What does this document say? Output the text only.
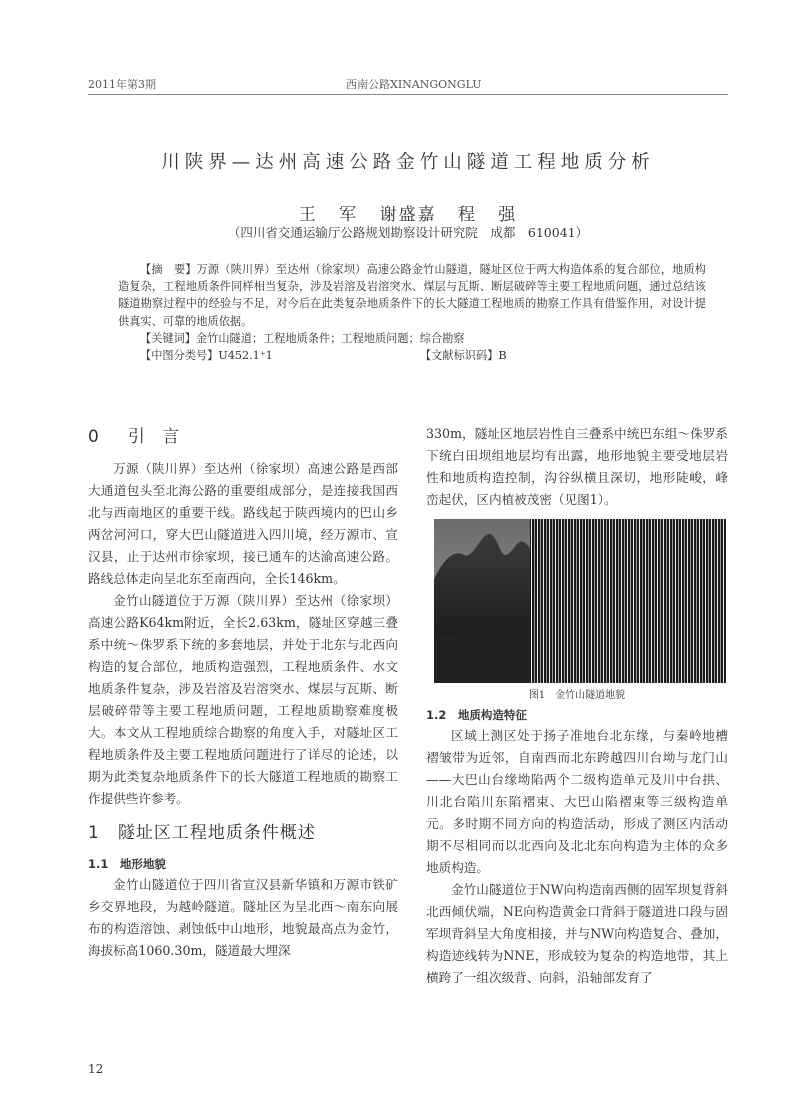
2011年第3期	西南公路XINANGONGLU
川陕界—达州高速公路金竹山隧道工程地质分析
王 军 谢盛嘉 程 强
（四川省交通运输厅公路规划勘察设计研究院　成都　610041）

【摘　要】万源（陕川界）至达州（徐家坝）高速公路金竹山隧道，隧址区位于两大构造体系的复合部位，地质构造复杂，工程地质条件同样相当复杂，涉及岩溶及岩溶突水、煤层与瓦斯、断层破碎等主要工程地质问题，通过总结该隧道勘察过程中的经验与不足，对今后在此类复杂地质条件下的长大隧道工程地质的勘察工作具有借鉴作用，对设计提供真实、可靠的地质依据。

【关键词】金竹山隧道；工程地质条件；工程地质问题；综合勘察

【中图分类号】U452.1⁺1	【文献标识码】B
0　引 言

万源（陕川界）至达州（徐家坝）高速公路是西部大通道包头至北海公路的重要组成部分，是连接我国西北与西南地区的重要干线。路线起于陕西境内的巴山乡两岔河河口，穿大巴山隧道进入四川境，经万源市、宣汉县，止于达州市徐家坝，接已通车的达渝高速公路。路线总体走向呈北东至南西向，全长146km。

金竹山隧道位于万源（陕川界）至达州（徐家坝）高速公路K64km附近，全长2.63km，隧址区穿越三叠系中统～侏罗系下统的多套地层，并处于北东与北西向构造的复合部位，地质构造强烈，工程地质条件、水文地质条件复杂，涉及岩溶及岩溶突水、煤层与瓦斯、断层破碎带等主要工程地质问题，工程地质勘察难度极大。本文从工程地质综合勘察的角度入手，对隧址区工程地质条件及主要工程地质问题进行了详尽的论述，以期为此类复杂地质条件下的长大隧道工程地质的勘察工作提供些许参考。

1　隧址区工程地质条件概述
1.1　地形地貌

金竹山隧道位于四川省宣汉县新华镇和万源市铁矿乡交界地段，为越岭隧道。隧址区为呈北西～南东向展布的构造溶蚀、剥蚀低中山地形，地貌最高点为金竹，海拔标高1060.30m，隧道最大埋深

330m，隧址区地层岩性自三叠系中统巴东组～侏罗系下统白田坝组地层均有出露，地形地貌主要受地层岩性和地质构造控制，沟谷纵横且深切，地形陡峻，峰峦起伏，区内植被茂密（见图1）。

图1　金竹山隧道地貌
1.2　地质构造特征

区域上测区处于扬子准地台北东缘，与秦岭地槽褶皱带为近邻，自南西而北东跨越四川台坳与龙门山——大巴山台缘坳陷两个二级构造单元及川中台拱、川北台陷川东陷褶束、大巴山陷褶束等三级构造单元。多时期不同方向的构造活动，形成了测区内活动期不尽相同而以北西向及北北东向构造为主体的众多地质构造。

金竹山隧道位于NW向构造南西侧的固军坝复背斜北西倾伏端，NE向构造黄金口背斜于隧道进口段与固军坝背斜呈大角度相接，并与NW向构造复合、叠加，构造迹线转为NNE，形成较为复杂的构造地带，其上横跨了一组次级背、向斜，沿轴部发育了

12
